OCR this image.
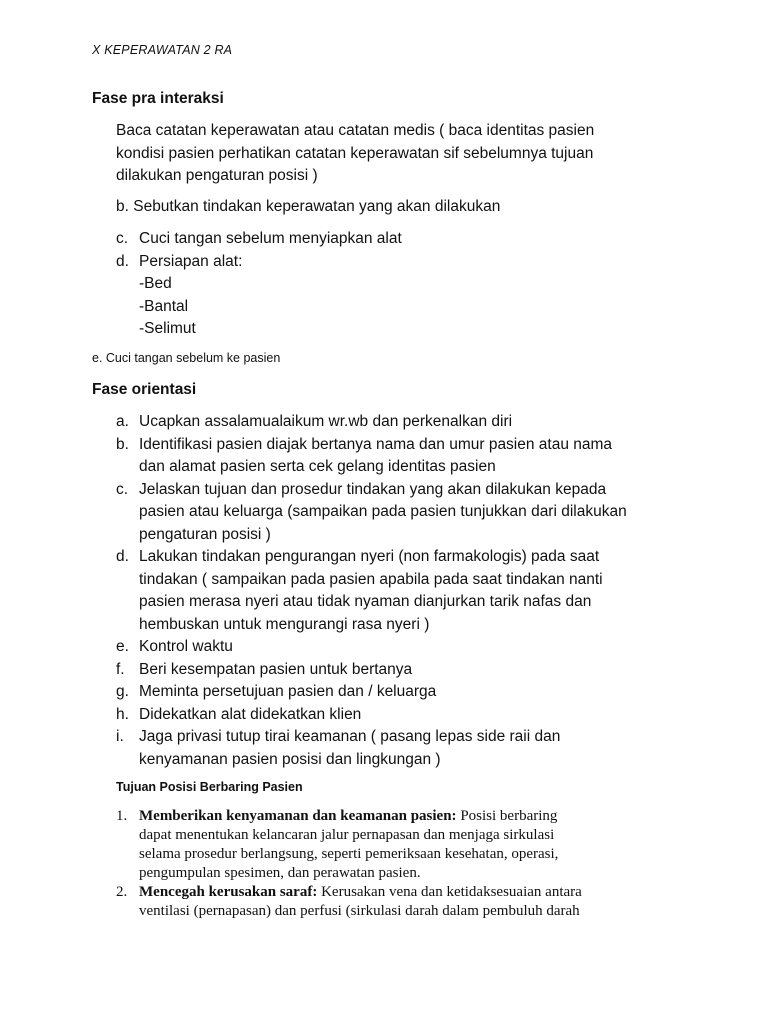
X KEPERAWATAN 2 RA
Fase pra interaksi
Baca catatan keperawatan atau catatan medis ( baca identitas pasien
kondisi pasien perhatikan catatan keperawatan sif sebelumnya tujuan
dilakukan pengaturan posisi )
b. Sebutkan tindakan keperawatan yang akan dilakukan
c. Cuci tangan sebelum menyiapkan alat
d. Persiapan alat:
-Bed
-Bantal
-Selimut
e. Cuci tangan sebelum ke pasien
Fase orientasi
a. Ucapkan assalamualaikum wr.wb dan perkenalkan diri
b. Identifikasi pasien diajak bertanya nama dan umur pasien atau nama
dan alamat pasien serta cek gelang identitas pasien
c. Jelaskan tujuan dan prosedur tindakan yang akan dilakukan kepada
pasien atau keluarga (sampaikan pada pasien tunjukkan dari dilakukan
pengaturan posisi )
d. Lakukan tindakan pengurangan nyeri (non farmakologis) pada saat
tindakan ( sampaikan pada pasien apabila pada saat tindakan nanti
pasien merasa nyeri atau tidak nyaman dianjurkan tarik nafas dan
hembuskan untuk mengurangi rasa nyeri )
e. Kontrol waktu
f. Beri kesempatan pasien untuk bertanya
g. Meminta persetujuan pasien dan / keluarga
h. Didekatkan alat didekatkan klien
i. Jaga privasi tutup tirai keamanan ( pasang lepas side raii dan
kenyamanan pasien posisi dan lingkungan )
Tujuan Posisi Berbaring Pasien
1. Memberikan kenyamanan dan keamanan pasien: Posisi berbaring
dapat menentukan kelancaran jalur pernapasan dan menjaga sirkulasi
selama prosedur berlangsung, seperti pemeriksaan kesehatan, operasi,
pengumpulan spesimen, dan perawatan pasien.
2. Mencegah kerusakan saraf: Kerusakan vena dan ketidaksesuaian antara
ventilasi (pernapasan) dan perfusi (sirkulasi darah dalam pembuluh darah
